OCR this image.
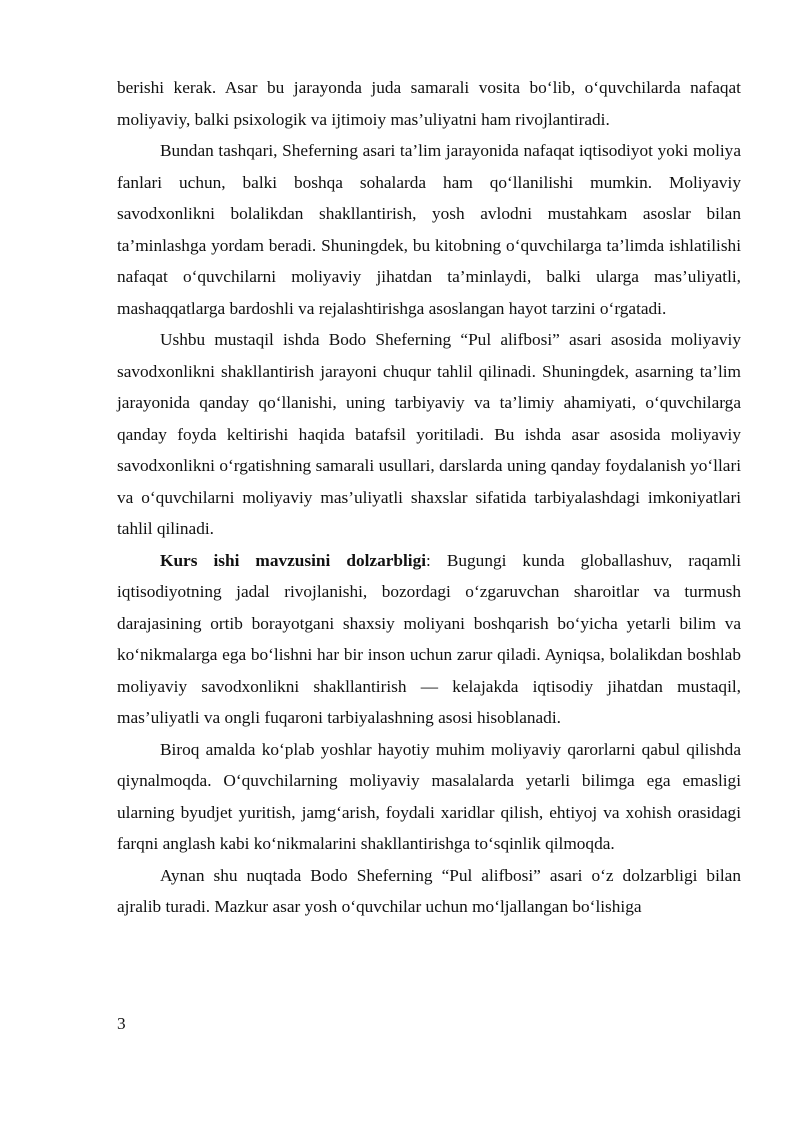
berishi kerak. Asar bu jarayonda juda samarali vosita bo‘lib, o‘quvchilarda nafaqat moliyaviy, balki psixologik va ijtimoiy mas’uliyatni ham rivojlantiradi.

Bundan tashqari, Sheferning asari ta’lim jarayonida nafaqat iqtisodiyot yoki moliya fanlari uchun, balki boshqa sohalarda ham qo‘llanilishi mumkin. Moliyaviy savodxonlikni bolalikdan shakllantirish, yosh avlodni mustahkam asoslar bilan ta’minlashga yordam beradi. Shuningdek, bu kitobning o‘quvchilarga ta’limda ishlatilishi nafaqat o‘quvchilarni moliyaviy jihatdan ta’minlaydi, balki ularga mas’uliyatli, mashaqqatlarga bardoshli va rejalashtirishga asoslangan hayot tarzini o‘rgatadi.

Ushbu mustaqil ishda Bodo Sheferning “Pul alifbosi” asari asosida moliyaviy savodxonlikni shakllantirish jarayoni chuqur tahlil qilinadi. Shuningdek, asarning ta’lim jarayonida qanday qo‘llanishi, uning tarbiyaviy va ta’limiy ahamiyati, o‘quvchilarga qanday foyda keltirishi haqida batafsil yoritiladi. Bu ishda asar asosida moliyaviy savodxonlikni o‘rgatishning samarali usullari, darslarda uning qanday foydalanish yo‘llari va o‘quvchilarni moliyaviy mas’uliyatli shaxslar sifatida tarbiyalashdagi imkoniyatlari tahlil qilinadi.

Kurs ishi mavzusini dolzarbligi: Bugungi kunda globallashuv, raqamli iqtisodiyotning jadal rivojlanishi, bozordagi o‘zgaruvchan sharoitlar va turmush darajasining ortib borayotgani shaxsiy moliyani boshqarish bo‘yicha yetarli bilim va ko‘nikmalarga ega bo‘lishni har bir inson uchun zarur qiladi. Ayniqsa, bolalikdan boshlab moliyaviy savodxonlikni shakllantirish — kelajakda iqtisodiy jihatdan mustaqil, mas’uliyatli va ongli fuqaroni tarbiyalashning asosi hisoblanadi.

Biroq amalda ko‘plab yoshlar hayotiy muhim moliyaviy qarorlarni qabul qilishda qiynalmoqda. O‘quvchilarning moliyaviy masalalarda yetarli bilimga ega emasligi ularning byudjet yuritish, jamg‘arish, foydali xaridlar qilish, ehtiyoj va xohish orasidagi farqni anglash kabi ko‘nikmalarini shakllantirishga to‘sqinlik qilmoqda.

Aynan shu nuqtada Bodo Sheferning “Pul alifbosi” asari o‘z dolzarbligi bilan ajralib turadi. Mazkur asar yosh o‘quvchilar uchun mo‘ljallangan bo‘lishiga

3
